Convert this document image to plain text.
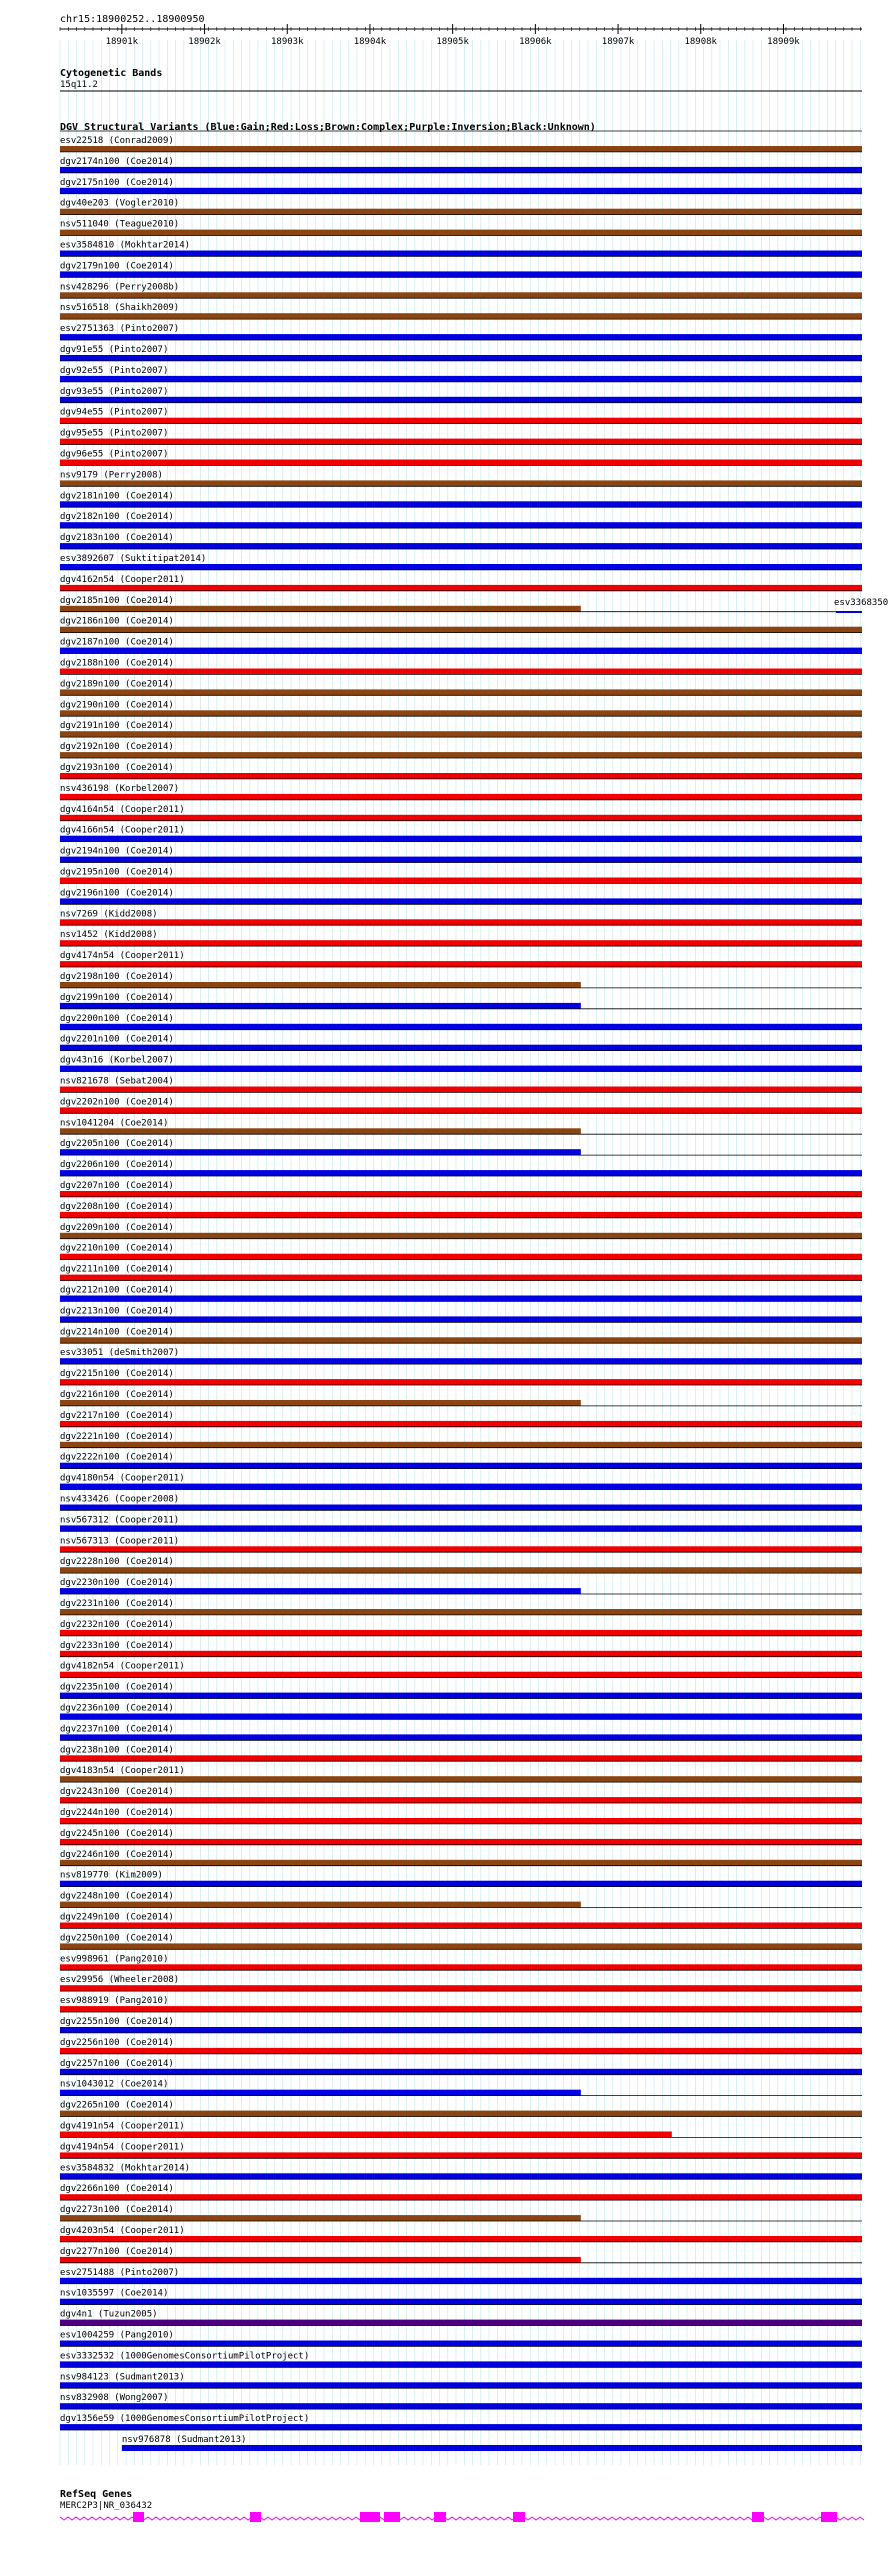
chr15:18900252..18900950
18901k	18902k	18903k	18904k	18905k	18906k	18907k	18908k	18909k
Cytogenetic Bands
15q11.2
DGV Structural Variants (Blue:Gain;Red:Loss;Brown:Complex;Purple:Inversion;Black:Unknown)
esv22518 (Conrad2009)
dgv2174n100 (Coe2014)
dgv2175n100 (Coe2014)
dgv40e203 (Vogler2010)
nsv511040 (Teague2010)
esv3584810 (Mokhtar2014)
dgv2179n100 (Coe2014)
nsv428296 (Perry2008b)
nsv516518 (Shaikh2009)
esv2751363 (Pinto2007)
dgv91e55 (Pinto2007)
dgv92e55 (Pinto2007)
dgv93e55 (Pinto2007)
dgv94e55 (Pinto2007)
dgv95e55 (Pinto2007)
dgv96e55 (Pinto2007)
nsv9179 (Perry2008)
dgv2181n100 (Coe2014)
dgv2182n100 (Coe2014)
dgv2183n100 (Coe2014)
esv3892607 (Suktitipat2014)
dgv4162n54 (Cooper2011)
dgv2185n100 (Coe2014)
dgv2186n100 (Coe2014)
dgv2187n100 (Coe2014)
dgv2188n100 (Coe2014)
dgv2189n100 (Coe2014)
dgv2190n100 (Coe2014)
dgv2191n100 (Coe2014)
dgv2192n100 (Coe2014)
dgv2193n100 (Coe2014)
nsv436198 (Korbel2007)
dgv4164n54 (Cooper2011)
dgv4166n54 (Cooper2011)
dgv2194n100 (Coe2014)
dgv2195n100 (Coe2014)
dgv2196n100 (Coe2014)
nsv7269 (Kidd2008)
nsv1452 (Kidd2008)
dgv4174n54 (Cooper2011)
dgv2198n100 (Coe2014)
dgv2199n100 (Coe2014)
dgv2200n100 (Coe2014)
dgv2201n100 (Coe2014)
dgv43n16 (Korbel2007)
nsv821678 (Sebat2004)
dgv2202n100 (Coe2014)
nsv1041204 (Coe2014)
dgv2205n100 (Coe2014)
dgv2206n100 (Coe2014)
dgv2207n100 (Coe2014)
dgv2208n100 (Coe2014)
dgv2209n100 (Coe2014)
dgv2210n100 (Coe2014)
dgv2211n100 (Coe2014)
dgv2212n100 (Coe2014)
dgv2213n100 (Coe2014)
dgv2214n100 (Coe2014)
esv33051 (deSmith2007)
dgv2215n100 (Coe2014)
dgv2216n100 (Coe2014)
dgv2217n100 (Coe2014)
dgv2221n100 (Coe2014)
dgv2222n100 (Coe2014)
dgv4180n54 (Cooper2011)
nsv433426 (Cooper2008)
nsv567312 (Cooper2011)
nsv567313 (Cooper2011)
dgv2228n100 (Coe2014)
dgv2230n100 (Coe2014)
dgv2231n100 (Coe2014)
dgv2232n100 (Coe2014)
dgv2233n100 (Coe2014)
dgv4182n54 (Cooper2011)
dgv2235n100 (Coe2014)
dgv2236n100 (Coe2014)
dgv2237n100 (Coe2014)
dgv2238n100 (Coe2014)
dgv4183n54 (Cooper2011)
dgv2243n100 (Coe2014)
dgv2244n100 (Coe2014)
dgv2245n100 (Coe2014)
dgv2246n100 (Coe2014)
nsv819770 (Kim2009)
dgv2248n100 (Coe2014)
dgv2249n100 (Coe2014)
dgv2250n100 (Coe2014)
esv998961 (Pang2010)
esv29956 (Wheeler2008)
esv988919 (Pang2010)
dgv2255n100 (Coe2014)
dgv2256n100 (Coe2014)
dgv2257n100 (Coe2014)
nsv1043012 (Coe2014)
dgv2265n100 (Coe2014)
dgv4191n54 (Cooper2011)
dgv4194n54 (Cooper2011)
esv3584832 (Mokhtar2014)
dgv2266n100 (Coe2014)
dgv2273n100 (Coe2014)
dgv4203n54 (Cooper2011)
dgv2277n100 (Coe2014)
esv2751488 (Pinto2007)
nsv1035597 (Coe2014)
dgv4n1 (Tuzun2005)
esv1004259 (Pang2010)
esv3332532 (1000GenomesConsortiumPilotProject)
nsv984123 (Sudmant2013)
nsv832908 (Wong2007)
dgv1356e59 (1000GenomesConsortiumPilotProject)
nsv976878 (Sudmant2013)
esv3368350
RefSeq Genes
MERC2P3|NR_036432
